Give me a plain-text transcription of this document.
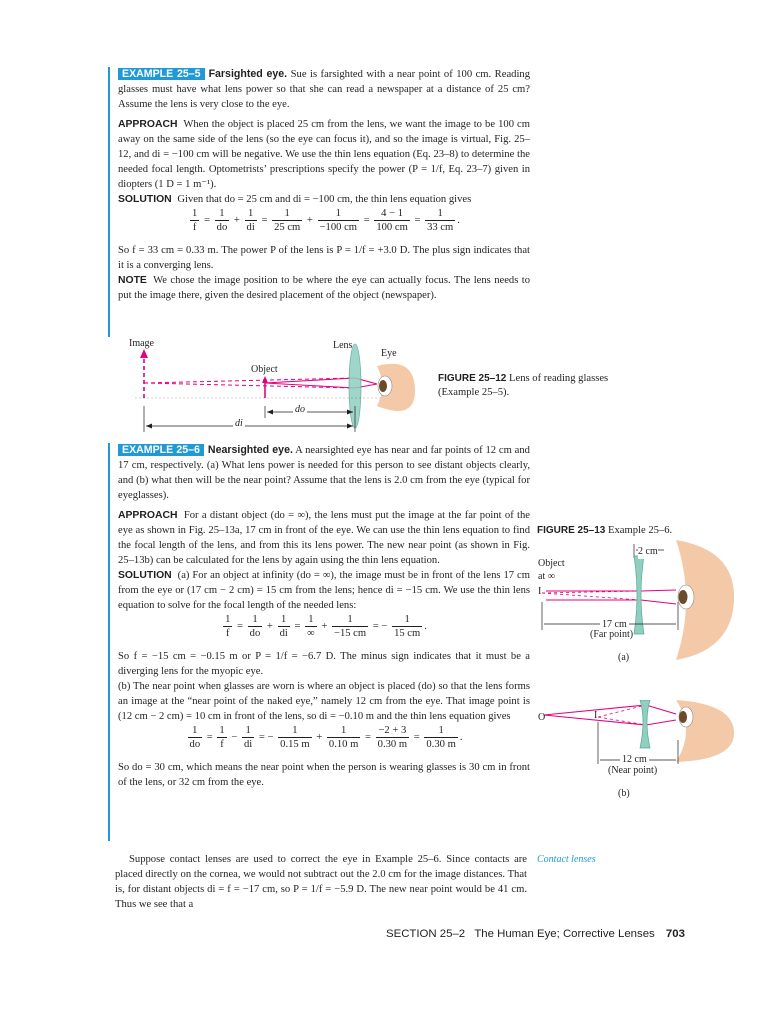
EXAMPLE 25–5 Farsighted eye. Sue is farsighted with a near point of 100 cm. Reading glasses must have what lens power so that she can read a newspaper at a distance of 25 cm? Assume the lens is very close to the eye.

APPROACH When the object is placed 25 cm from the lens, we want the image to be 100 cm away on the same side of the lens (so the eye can focus it), and so the image is virtual, Fig. 25–12, and di = −100 cm will be negative. We use the thin lens equation (Eq. 23–8) to determine the needed focal length. Optometrists’ prescriptions specify the power (P = 1/f, Eq. 23–7) given in diopters (1 D = 1 m⁻¹).

SOLUTION Given that do = 25 cm and di = −100 cm, the thin lens equation gives

$\frac{1}{f} = \frac{1}{do} + \frac{1}{di} = \frac{1}{25 cm} + \frac{1}{-100 cm} = \frac{4 - 1}{100 cm} = \frac{1}{33 cm}$ .

So f = 33 cm = 0.33 m. The power P of the lens is P = 1/f = +3.0 D. The plus sign indicates that it is a converging lens.

NOTE We chose the image position to be where the eye can actually focus. The lens needs to put the image there, given the desired placement of the object (newspaper).

Image
Object
Lens
Eye
do
di
FIGURE 25–12 Lens of reading glasses (Example 25–5).

EXAMPLE 25–6 Nearsighted eye. A nearsighted eye has near and far points of 12 cm and 17 cm, respectively. (a) What lens power is needed for this person to see distant objects clearly, and (b) what then will be the near point? Assume that the lens is 2.0 cm from the eye (typical for eyeglasses).

APPROACH For a distant object (do = ∞), the lens must put the image at the far point of the eye as shown in Fig. 25–13a, 17 cm in front of the eye. We can use the thin lens equation to find the focal length of the lens, and from this its lens power. The new near point (as shown in Fig. 25–13b) can be calculated for the lens by again using the thin lens equation.

SOLUTION (a) For an object at infinity (do = ∞), the image must be in front of the lens 17 cm from the eye or (17 cm − 2 cm) = 15 cm from the lens; hence di = −15 cm. We use the thin lens equation to solve for the focal length of the needed lens:

$\frac{1}{f} = \frac{1}{do} + \frac{1}{di} = \frac{1}{\infty} + \frac{1}{-15 cm}$ = − $\frac{1}{15 cm}$ .

So f = −15 cm = −0.15 m or P = 1/f = −6.7 D. The minus sign indicates that it must be a diverging lens for the myopic eye.

(b) The near point when glasses are worn is where an object is placed (do) so that the lens forms an image at the “near point of the naked eye,” namely 12 cm from the eye. That image point is (12 cm − 2 cm) = 10 cm in front of the lens, so di = −0.10 m and the thin lens equation gives

$\frac{1}{do} = \frac{1}{f} - \frac{1}{di}$ = − $\frac{1}{0.15 m} + \frac{1}{0.10 m} = \frac{-2 + 3}{0.30 m} = \frac{1}{0.30 m}$ .

So do = 30 cm, which means the near point when the person is wearing glasses is 30 cm in front of the lens, or 32 cm from the eye.

FIGURE 25–13 Example 25–6.
2 cm
Object
at ∞
I
17 cm
(Far point)
(a)
O	I
12 cm
(Near point)
(b)

Suppose contact lenses are used to correct the eye in Example 25–6. Since contacts are placed directly on the cornea, we would not subtract out the 2.0 cm for the image distances. That is, for distant objects di = f = −17 cm, so P = 1/f = −5.9 D. The new near point would be 41 cm. Thus we see that a

Contact lenses
SECTION 25–2 The Human Eye; Corrective Lenses 703
